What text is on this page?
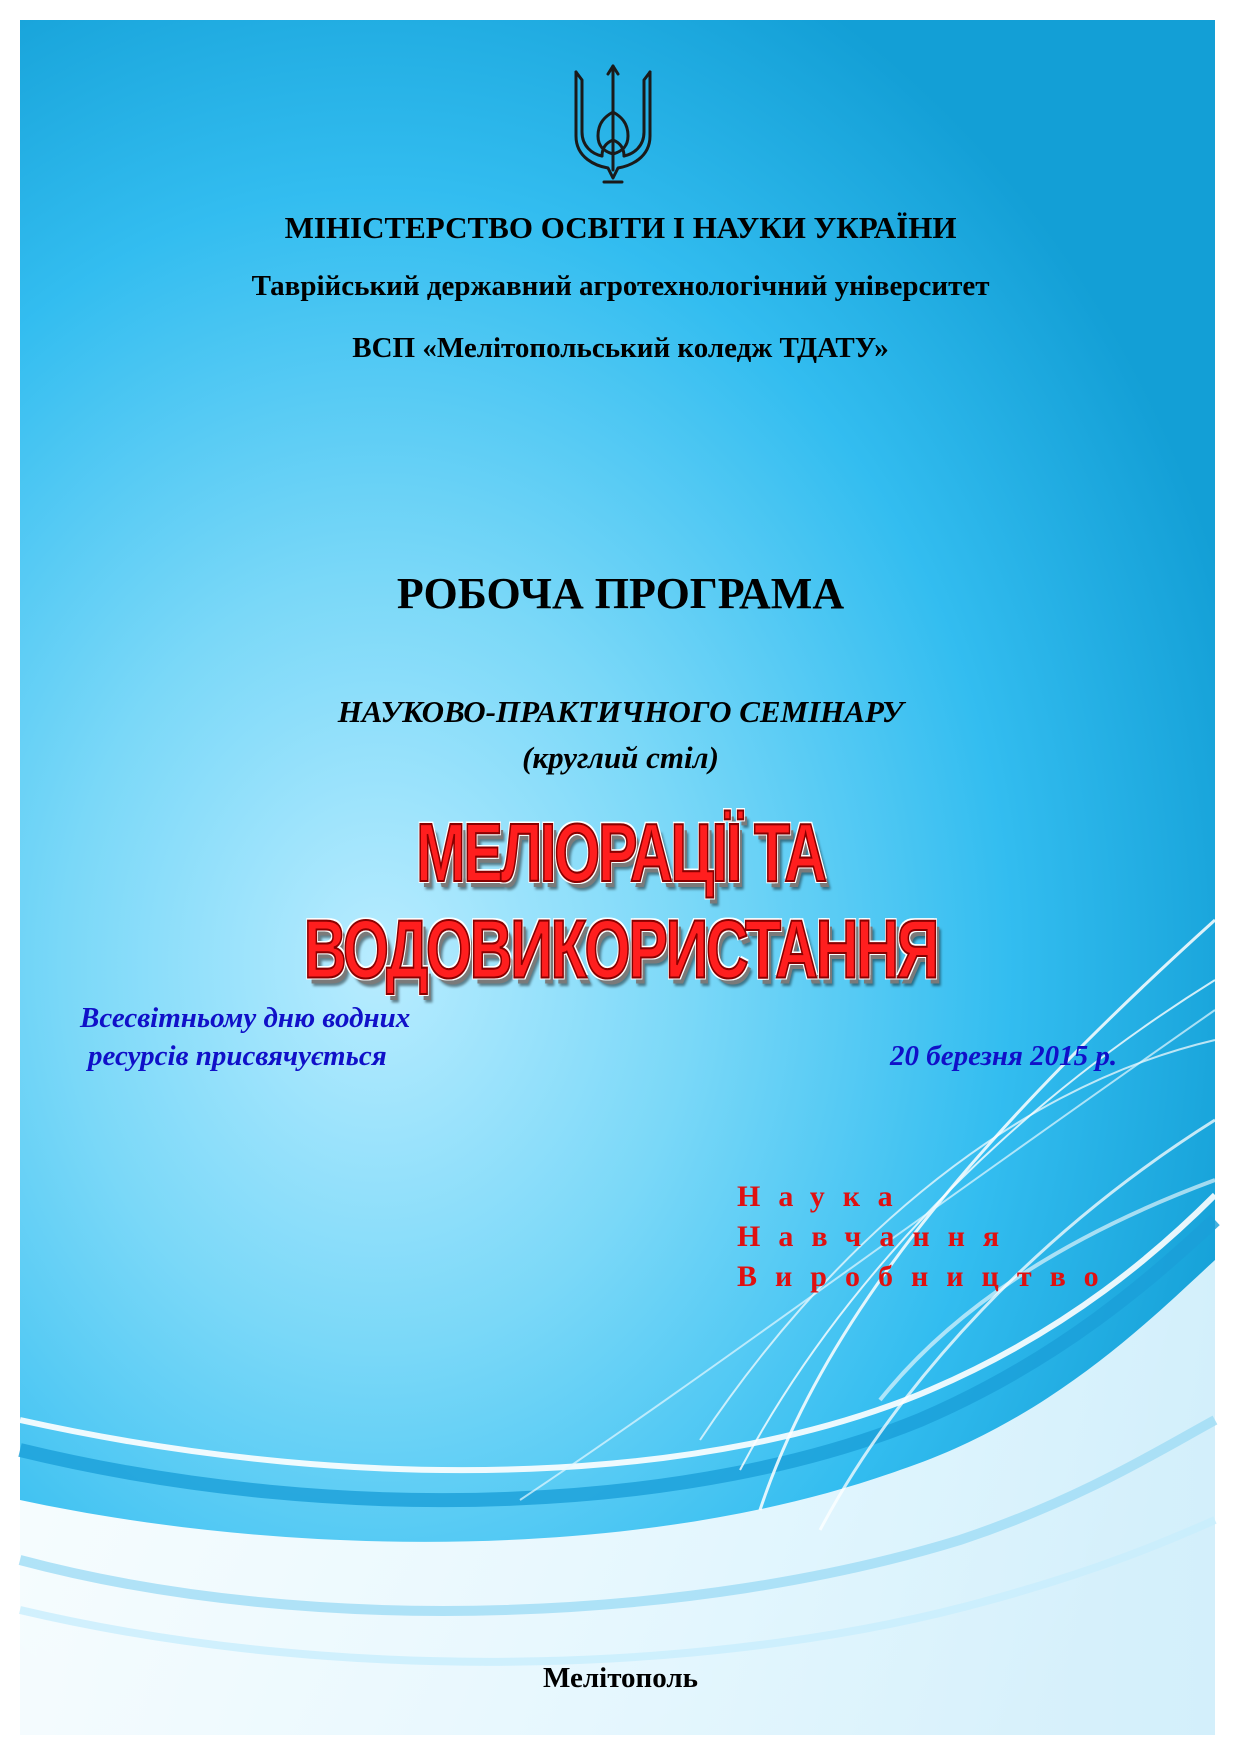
МІНІСТЕРСТВО ОСВІТИ І НАУКИ УКРАЇНИ
Таврійський державний агротехнологічний університет
ВСП «Мелітопольський коледж ТДАТУ»
РОБОЧА ПРОГРАМА
НАУКОВО-ПРАКТИЧНОГО СЕМІНАРУ
(круглий стіл)
МЕЛІОРАЦІЇ ТА ВОДОВИКОРИСТАННЯ
Всесвітньому дню водних
ресурсів присвячується	20 березня 2015 р.
Наука
Навчання
Виробництво
Мелітополь
